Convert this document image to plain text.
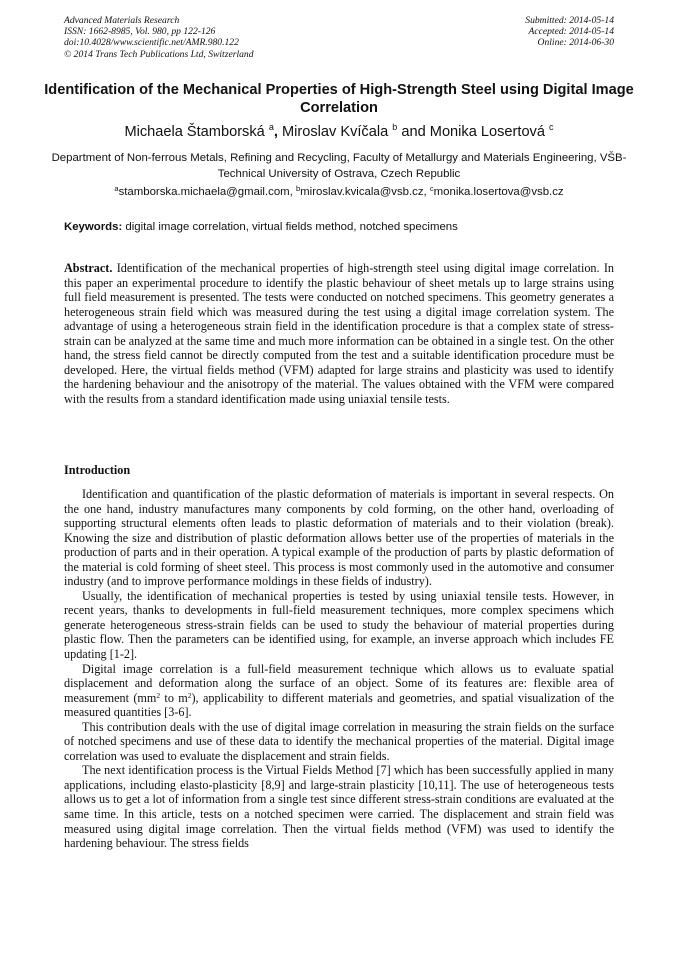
Advanced Materials Research
ISSN: 1662-8985, Vol. 980, pp 122-126
doi:10.4028/www.scientific.net/AMR.980.122
© 2014 Trans Tech Publications Ltd, Switzerland
Submitted: 2014-05-14
Accepted: 2014-05-14
Online: 2014-06-30
Identification of the Mechanical Properties of High-Strength Steel using Digital Image Correlation
Michaela Štamborská $^a$, Miroslav Kvíčala $^b$ and Monika Losertová $^c$
Department of Non-ferrous Metals, Refining and Recycling, Faculty of Metallurgy and Materials Engineering, VŠB-Technical University of Ostrava, Czech Republic
$^a$stamborska.michaela@gmail.com, $^b$miroslav.kvicala@vsb.cz, $^c$monika.losertova@vsb.cz
Keywords: digital image correlation, virtual fields method, notched specimens
Abstract. Identification of the mechanical properties of high-strength steel using digital image correlation. In this paper an experimental procedure to identify the plastic behaviour of sheet metals up to large strains using full field measurement is presented. The tests were conducted on notched specimens. This geometry generates a heterogeneous strain field which was measured during the test using a digital image correlation system. The advantage of using a heterogeneous strain field in the identification procedure is that a complex state of stress-strain can be analyzed at the same time and much more information can be obtained in a single test. On the other hand, the stress field cannot be directly computed from the test and a suitable identification procedure must be developed. Here, the virtual fields method (VFM) adapted for large strains and plasticity was used to identify the hardening behaviour and the anisotropy of the material. The values obtained with the VFM were compared with the results from a standard identification made using uniaxial tensile tests.
Introduction

Identification and quantification of the plastic deformation of materials is important in several respects. On the one hand, industry manufactures many components by cold forming, on the other hand, overloading of supporting structural elements often leads to plastic deformation of materials and to their violation (break). Knowing the size and distribution of plastic deformation allows better use of the properties of materials in the production of parts and in their operation. A typical example of the production of parts by plastic deformation of the material is cold forming of sheet steel. This process is most commonly used in the automotive and consumer industry (and to improve performance moldings in these fields of industry).

Usually, the identification of mechanical properties is tested by using uniaxial tensile tests. However, in recent years, thanks to developments in full-field measurement techniques, more complex specimens which generate heterogeneous stress-strain fields can be used to study the behaviour of material properties during plastic flow. Then the parameters can be identified using, for example, an inverse approach which includes FE updating [1-2].

Digital image correlation is a full-field measurement technique which allows us to evaluate spatial displacement and deformation along the surface of an object. Some of its features are: flexible area of measurement ($mm^2$ to $m^2$), applicability to different materials and geometries, and spatial visualization of the measured quantities [3-6].

This contribution deals with the use of digital image correlation in measuring the strain fields on the surface of notched specimens and use of these data to identify the mechanical properties of the material. Digital image correlation was used to evaluate the displacement and strain fields.

The next identification process is the Virtual Fields Method [7] which has been successfully applied in many applications, including elasto-plasticity [8,9] and large-strain plasticity [10,11]. The use of heterogeneous tests allows us to get a lot of information from a single test since different stress-strain conditions are evaluated at the same time. In this article, tests on a notched specimen were carried. The displacement and strain field was measured using digital image correlation. Then the virtual fields method (VFM) was used to identify the hardening behaviour. The stress fields
